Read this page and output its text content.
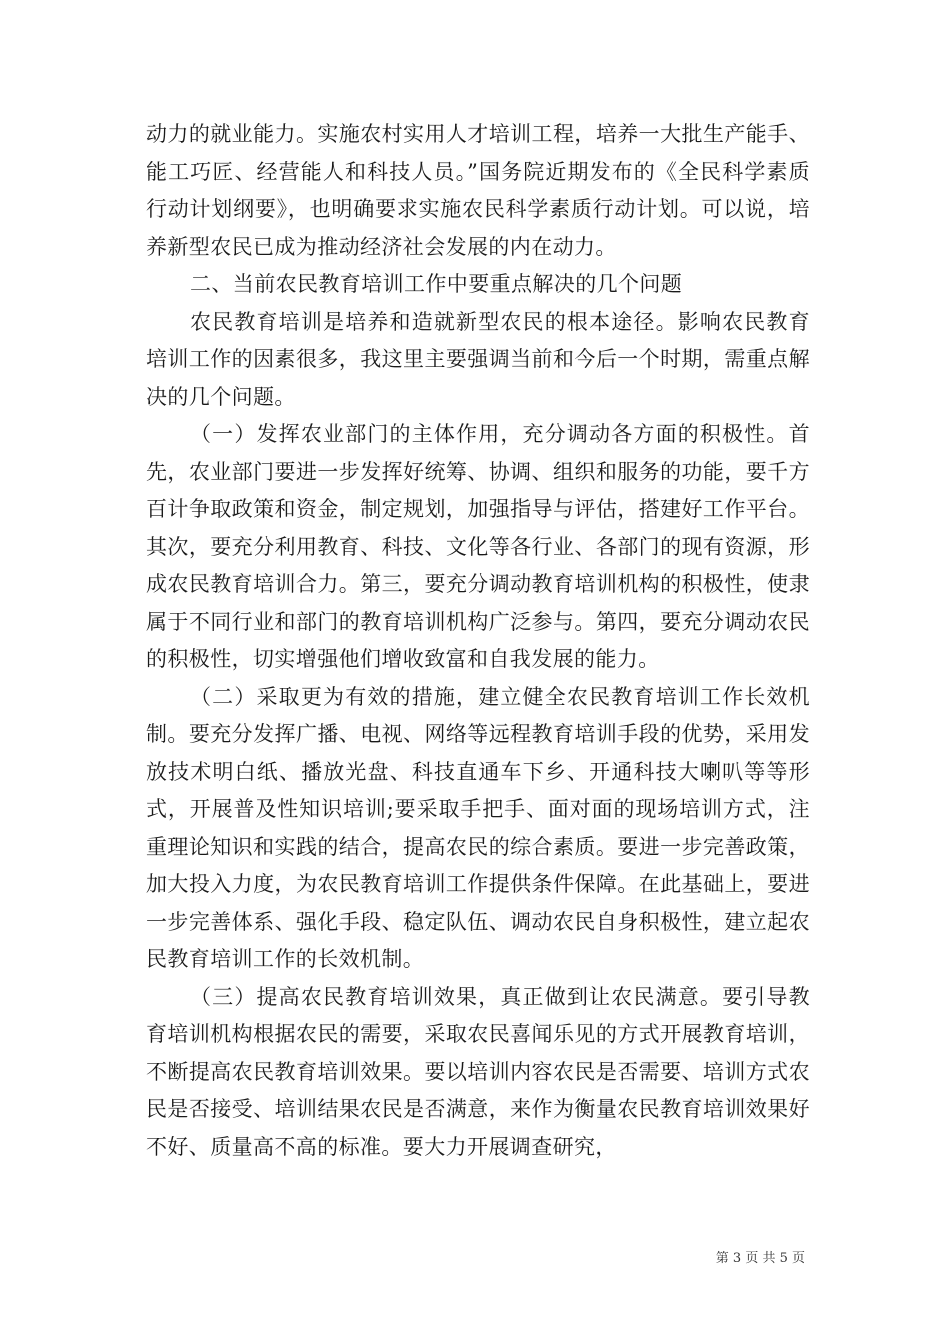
动力的就业能力。实施农村实用人才培训工程，培养一大批生产能手、能工巧匠、经营能人和科技人员。”国务院近期发布的《全民科学素质行动计划纲要》，也明确要求实施农民科学素质行动计划。可以说，培养新型农民已成为推动经济社会发展的内在动力。

二、当前农民教育培训工作中要重点解决的几个问题

农民教育培训是培养和造就新型农民的根本途径。影响农民教育培训工作的因素很多，我这里主要强调当前和今后一个时期，需重点解决的几个问题。

（一）发挥农业部门的主体作用，充分调动各方面的积极性。首先，农业部门要进一步发挥好统筹、协调、组织和服务的功能，要千方百计争取政策和资金，制定规划，加强指导与评估，搭建好工作平台。其次，要充分利用教育、科技、文化等各行业、各部门的现有资源，形成农民教育培训合力。第三，要充分调动教育培训机构的积极性，使隶属于不同行业和部门的教育培训机构广泛参与。第四，要充分调动农民的积极性，切实增强他们增收致富和自我发展的能力。

（二）采取更为有效的措施，建立健全农民教育培训工作长效机制。要充分发挥广播、电视、网络等远程教育培训手段的优势，采用发放技术明白纸、播放光盘、科技直通车下乡、开通科技大喇叭等等形式，开展普及性知识培训;要采取手把手、面对面的现场培训方式，注重理论知识和实践的结合，提高农民的综合素质。要进一步完善政策，加大投入力度，为农民教育培训工作提供条件保障。在此基础上，要进一步完善体系、强化手段、稳定队伍、调动农民自身积极性，建立起农民教育培训工作的长效机制。

（三）提高农民教育培训效果，真正做到让农民满意。要引导教育培训机构根据农民的需要，采取农民喜闻乐见的方式开展教育培训，不断提高农民教育培训效果。要以培训内容农民是否需要、培训方式农民是否接受、培训结果农民是否满意，来作为衡量农民教育培训效果好不好、质量高不高的标准。要大力开展调查研究，

第 3 页 共 5 页
